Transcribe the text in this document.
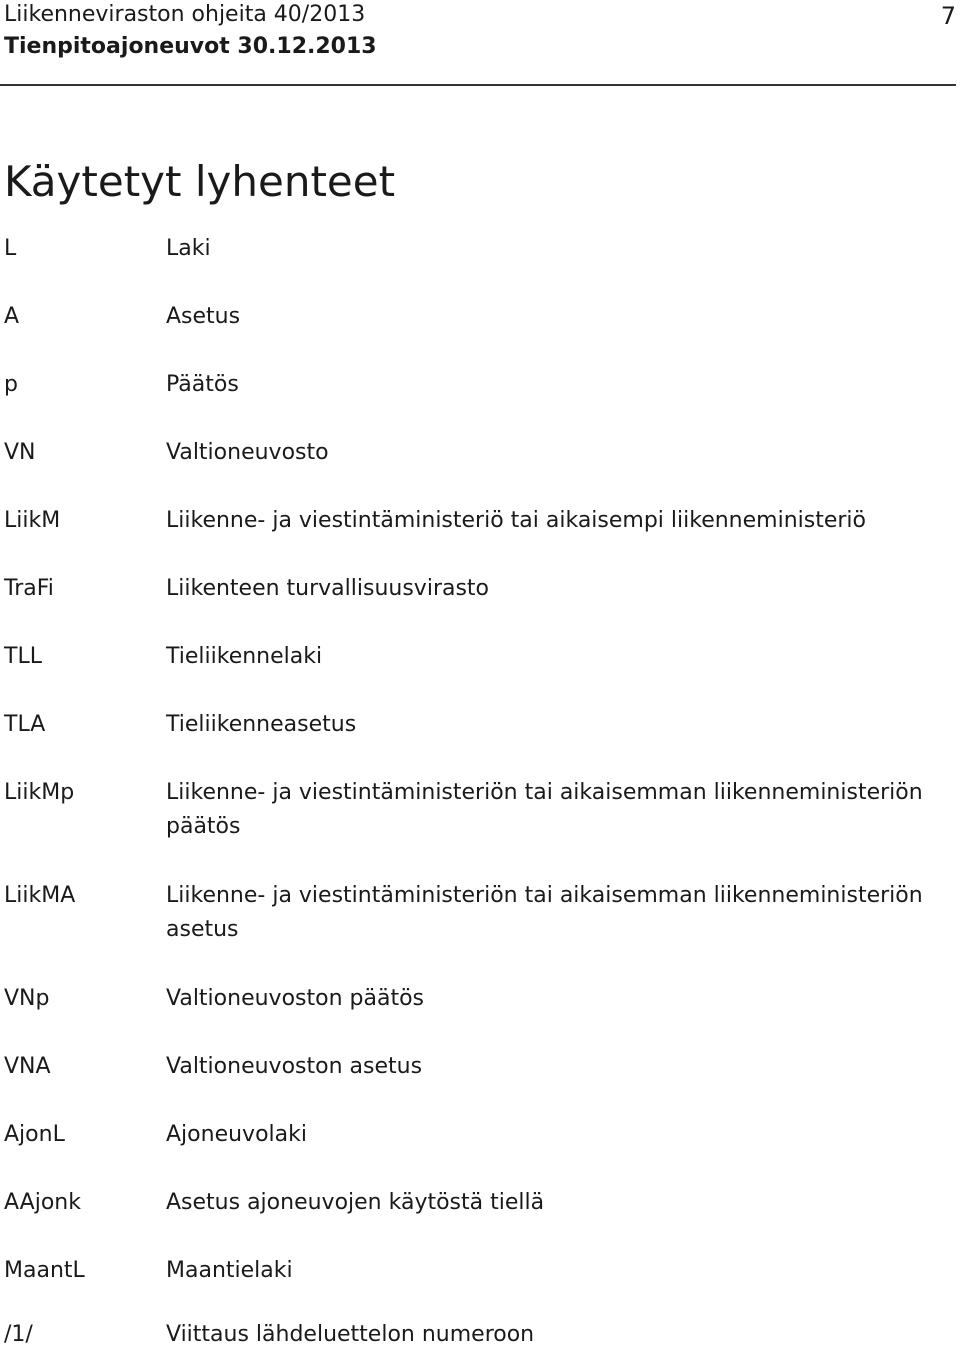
Liikenneviraston ohjeita 40/2013
Tienpitoajoneuvot 30.12.2013
7
Käytetyt lyhenteet
L	Laki
A	Asetus
p	Päätös
VN	Valtioneuvosto
LiikM	Liikenne- ja viestintäministeriö tai aikaisempi liikenneministeriö
TraFi	Liikenteen turvallisuusvirasto
TLL	Tieliikennelaki
TLA	Tieliikenneasetus
LiikMp	Liikenne- ja viestintäministeriön tai aikaisemman liikenneministeriön päätös
LiikMA	Liikenne- ja viestintäministeriön tai aikaisemman liikenneministeriön asetus
VNp	Valtioneuvoston päätös
VNA	Valtioneuvoston asetus
AjonL	Ajoneuvolaki
AAjonk	Asetus ajoneuvojen käytöstä tiellä
MaantL	Maantielaki
/1/	Viittaus lähdeluettelon numeroon
